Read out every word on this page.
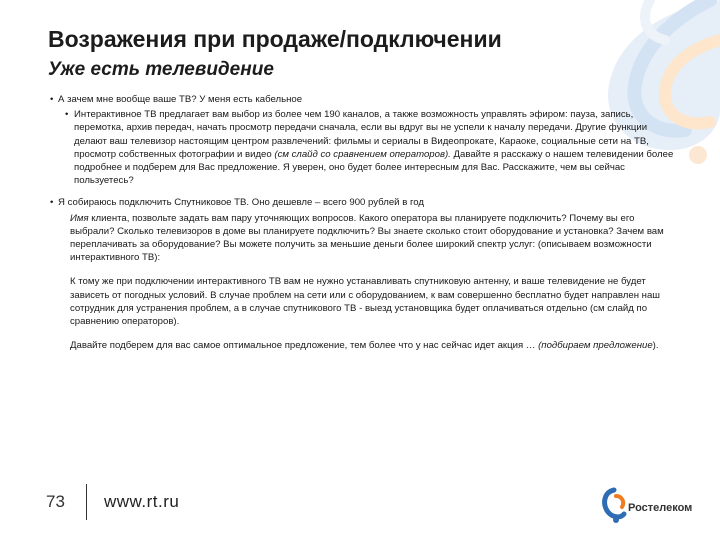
Возражения при продаже/подключении
Уже есть телевидение
• А зачем мне вообще ваше ТВ? У меня есть кабельное
• Интерактивное ТВ предлагает вам выбор из более чем 190 каналов, а также возможность управлять эфиром: пауза, запись, перемотка, архив передач, начать просмотр передачи сначала, если вы вдруг вы не успели к началу передачи. Другие функции делают ваш телевизор настоящим центром развлечений: фильмы и сериалы в Видеопрокате, Караоке, социальные сети на ТВ, просмотр собственных фотографии и видео (см слайд со сравнением операторов). Давайте я расскажу о нашем телевидении более подробнее и подберем для Вас предложение. Я уверен, оно будет более интересным для Вас. Расскажите, чем вы сейчас пользуетесь?
• Я собираюсь подключить Спутниковое ТВ. Оно дешевле – всего 900 рублей в год
Имя клиента, позвольте задать вам пару уточняющих вопросов. Какого оператора вы планируете подключить? Почему вы его выбрали? Сколько телевизоров в доме вы планируете подключить? Вы знаете сколько стоит оборудование и установка? Зачем вам переплачивать за оборудование? Вы можете получить за меньшие деньги более широкий спектр услуг: (описываем возможности интерактивного ТВ):
К тому же при подключении интерактивного ТВ вам не нужно устанавливать спутниковую антенну, и ваше телевидение не будет зависеть от погодных условий. В случае проблем на сети или с оборудованием, к вам совершенно бесплатно будет направлен наш сотрудник для устранения проблем, а в случае спутникового ТВ - выезд установщика будет оплачиваться отдельно (см слайд по сравнению операторов).
Давайте подберем для вас самое оптимальное предложение, тем более что у нас сейчас идет акция … (подбираем предложение).
73 www.rt.ru	Ростелеком
